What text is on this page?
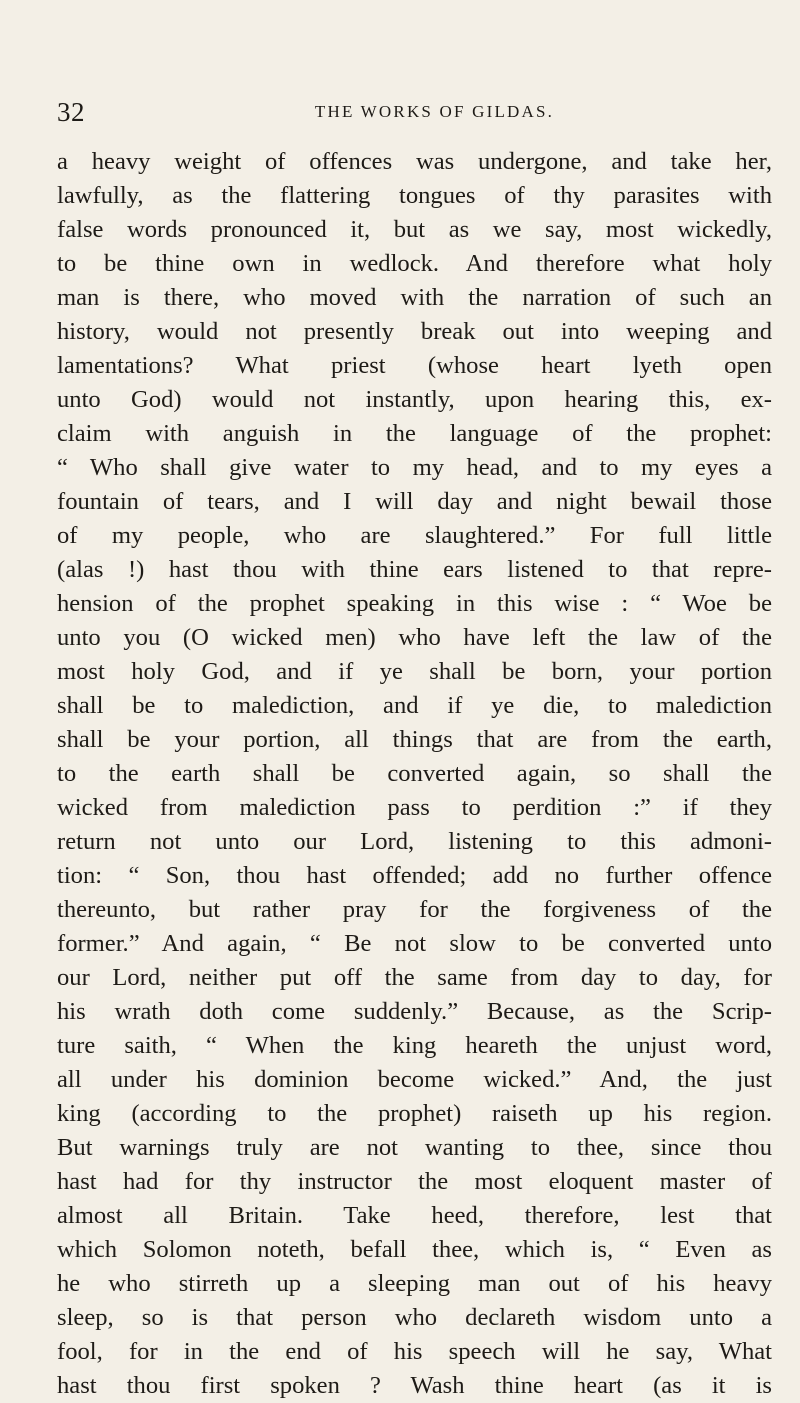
32	THE WORKS OF GILDAS.
a heavy weight of offences was undergone, and take her,
lawfully, as the flattering tongues of thy parasites with
false words pronounced it, but as we say, most wickedly,
to be thine own in wedlock. And therefore what holy
man is there, who moved with the narration of such an
history, would not presently break out into weeping and
lamentations? What priest (whose heart lyeth open
unto God) would not instantly, upon hearing this, ex-
claim with anguish in the language of the prophet:
“ Who shall give water to my head, and to my eyes a
fountain of tears, and I will day and night bewail those
of my people, who are slaughtered.” For full little
(alas !) hast thou with thine ears listened to that repre-
hension of the prophet speaking in this wise : “ Woe be
unto you (O wicked men) who have left the law of the
most holy God, and if ye shall be born, your portion
shall be to malediction, and if ye die, to malediction
shall be your portion, all things that are from the earth,
to the earth shall be converted again, so shall the
wicked from malediction pass to perdition :” if they
return not unto our Lord, listening to this admoni-
tion: “ Son, thou hast offended; add no further offence
thereunto, but rather pray for the forgiveness of the
former.” And again, “ Be not slow to be converted unto
our Lord, neither put off the same from day to day, for
his wrath doth come suddenly.” Because, as the Scrip-
ture saith, “ When the king heareth the unjust word,
all under his dominion become wicked.” And, the just
king (according to the prophet) raiseth up his region.
But warnings truly are not wanting to thee, since thou
hast had for thy instructor the most eloquent master of
almost all Britain. Take heed, therefore, lest that
which Solomon noteth, befall thee, which is, “ Even as
he who stirreth up a sleeping man out of his heavy
sleep, so is that person who declareth wisdom unto a
fool, for in the end of his speech will he say, What
hast thou first spoken ? Wash thine heart (as it is
